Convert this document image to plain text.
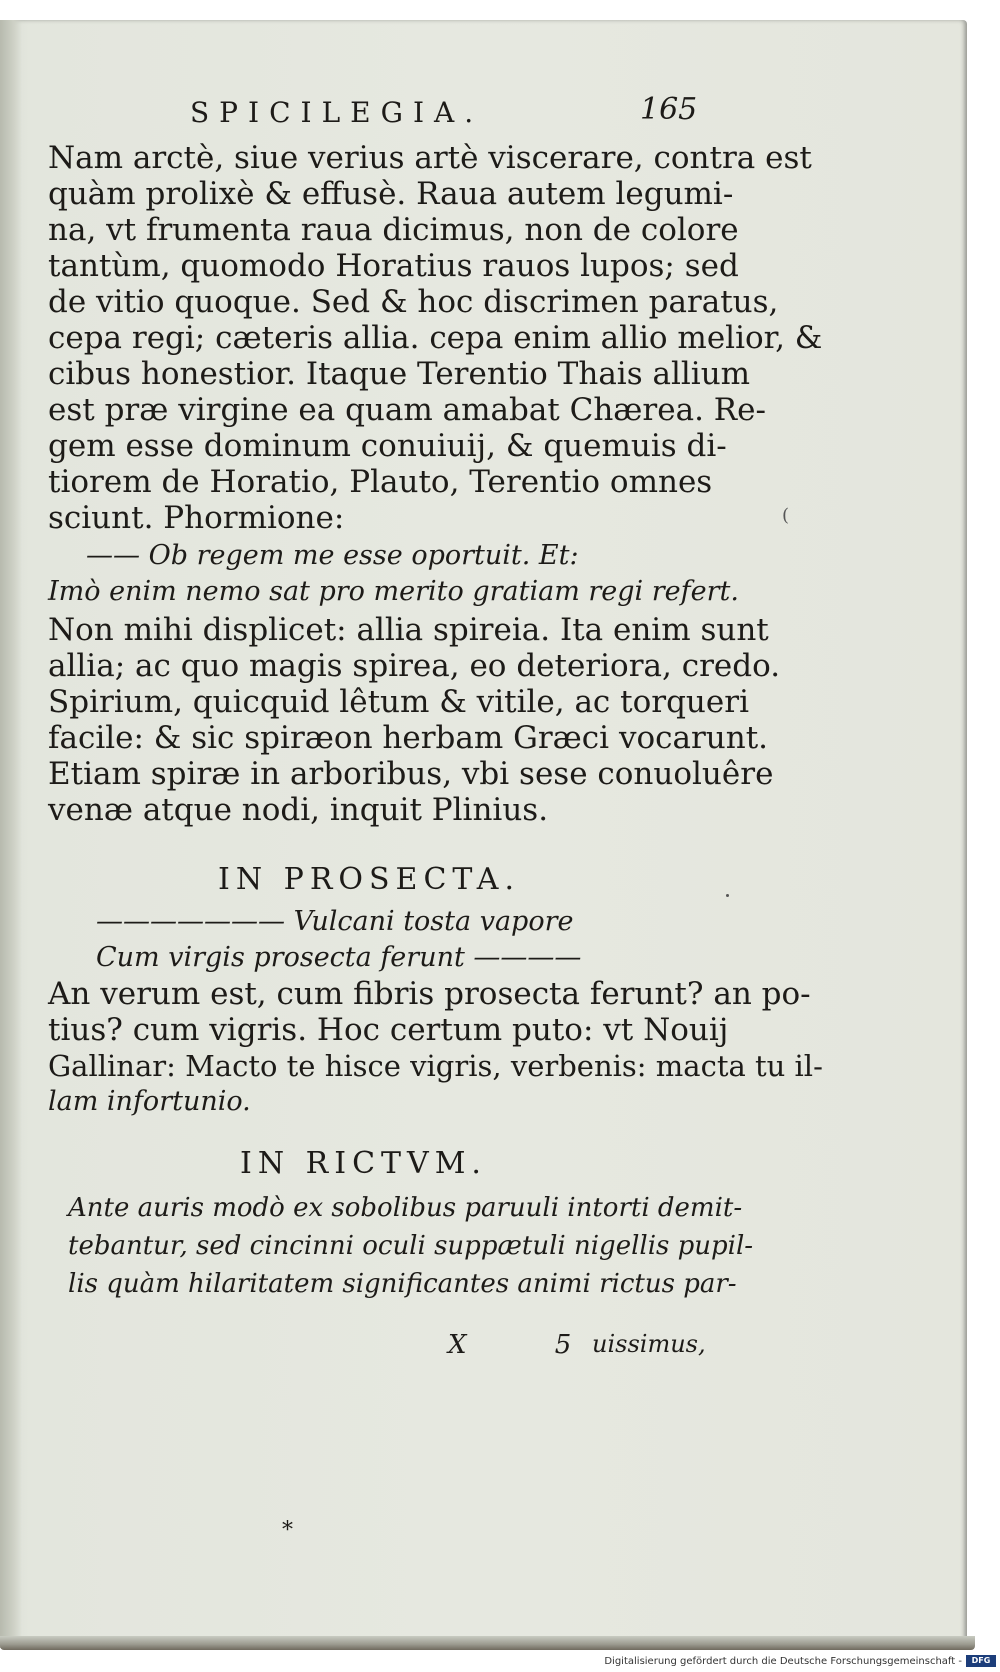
SPICILEGIA.	165
Nam arctè, siue verius artè viscerare, contra est
quàm prolixè & effusè. Raua autem legumi-
na, vt frumenta raua dicimus, non de colore
tantùm, quomodo Horatius rauos lupos; sed
de vitio quoque. Sed & hoc discrimen paratus,
cepa regi; cæteris allia. cepa enim allio melior, &
cibus honestior. Itaque Terentio Thais allium
est præ virgine ea quam amabat Chærea. Re-
gem esse dominum conuiuij, & quemuis di-
tiorem de Horatio, Plauto, Terentio omnes
sciunt. Phormione:
—— Ob regem me esse oportuit. Et:
Imò enim nemo sat pro merito gratiam regi refert.
Non mihi displicet: allia spireia. Ita enim sunt
allia; ac quo magis spirea, eo deteriora, credo.
Spirium, quicquid lêtum & vitile, ac torqueri
facile: & sic spiræon herbam Græci vocarunt.
Etiam spiræ in arboribus, vbi sese conuoluêre
venæ atque nodi, inquit Plinius.
IN PROSECTA.
——————— Vulcani tosta vapore
Cum virgis prosecta ferunt ————
An verum est, cum fibris prosecta ferunt? an po-
tius? cum vigris. Hoc certum puto: vt Nouij
Gallinar: Macto te hisce vigris, verbenis: macta tu il-
lam infortunio.
IN RICTVM.
Ante auris modò ex sobolibus paruuli intorti demit-
tebantur, sed cincinni oculi suppætuli nigellis pupil-
lis quàm hilaritatem significantes animi rictus par-
X 5
uissimus,
*
(
Digitalisierung gefördert durch die Deutsche Forschungsgemeinschaft -	DFG
